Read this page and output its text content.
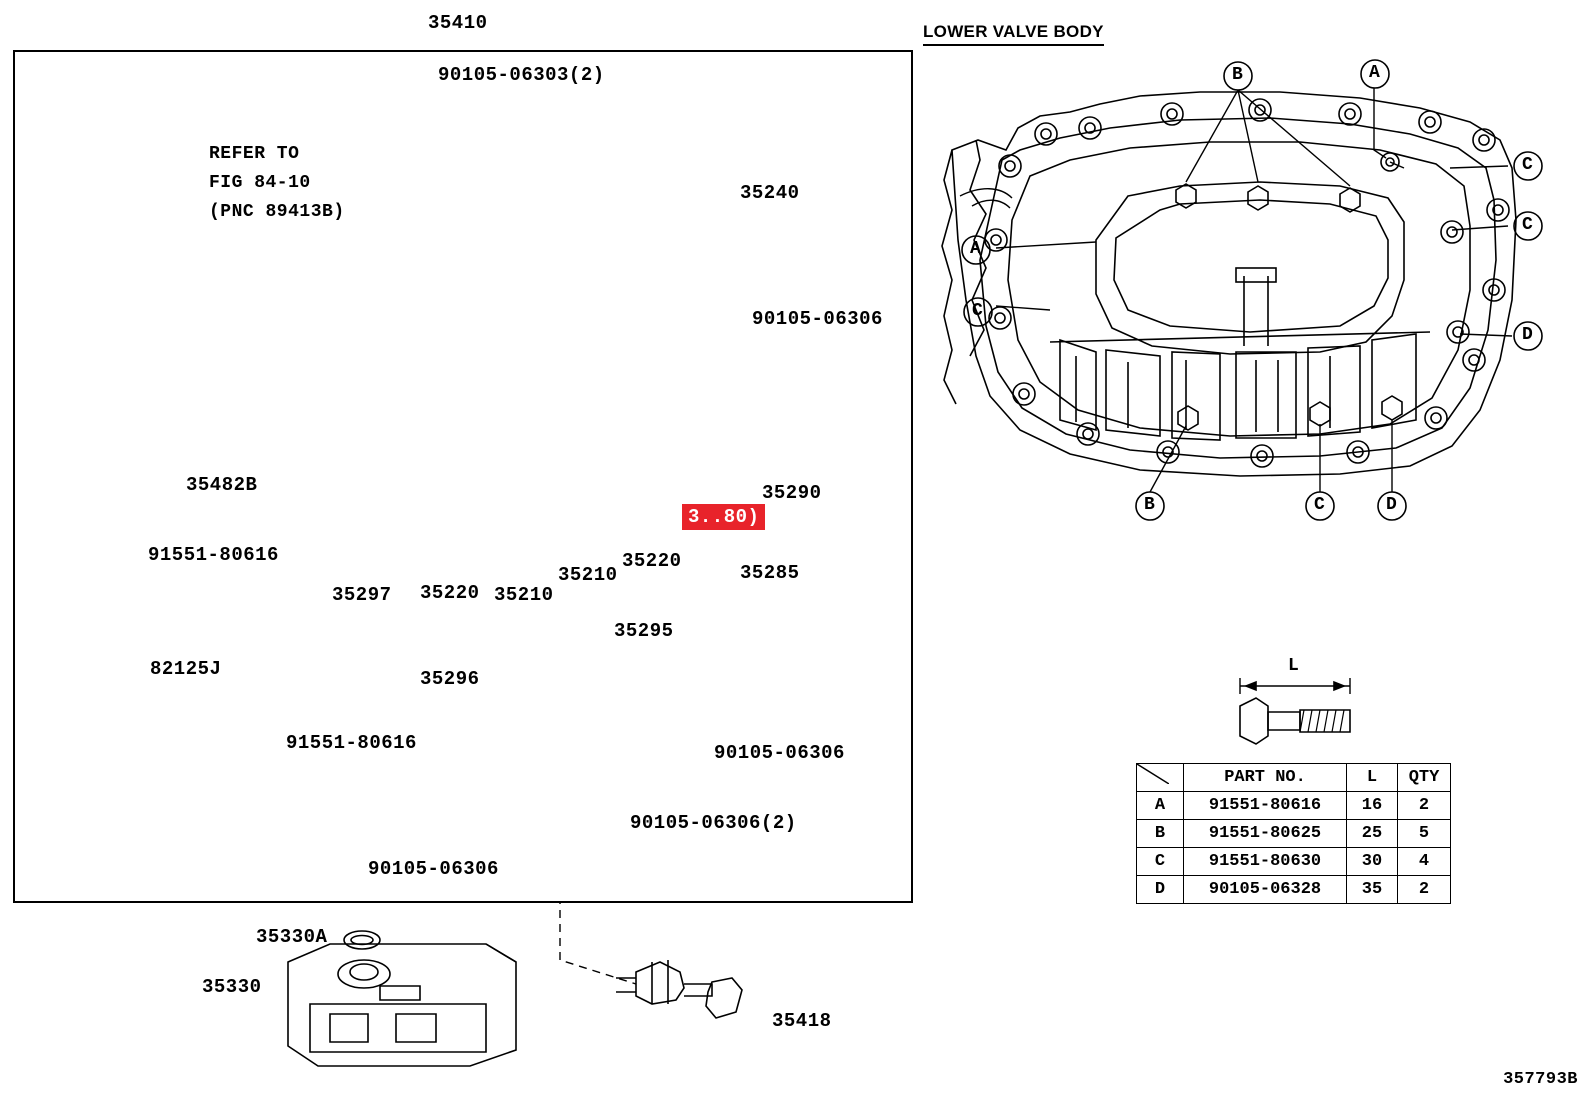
LOWER VALVE BODY
35410
90105-06303(2)
REFER TO
FIG 84-10
(PNC 89413B)
35240
90105-06306
35290
35482B
91551-80616	35220
35210
35210
35220
35297
35296
91551-80616
82125J
35295
35285
90105-06306
90105-06306(2)
90105-06306
35330A
35330
35418
3..80)
B	A
A
C
C
C
D
B	C	D
L
	PART NO.	L	QTY
A	91551-80616	16	2
B	91551-80625	25	5
C	91551-80630	30	4
D	90105-06328	35	2
357793B
